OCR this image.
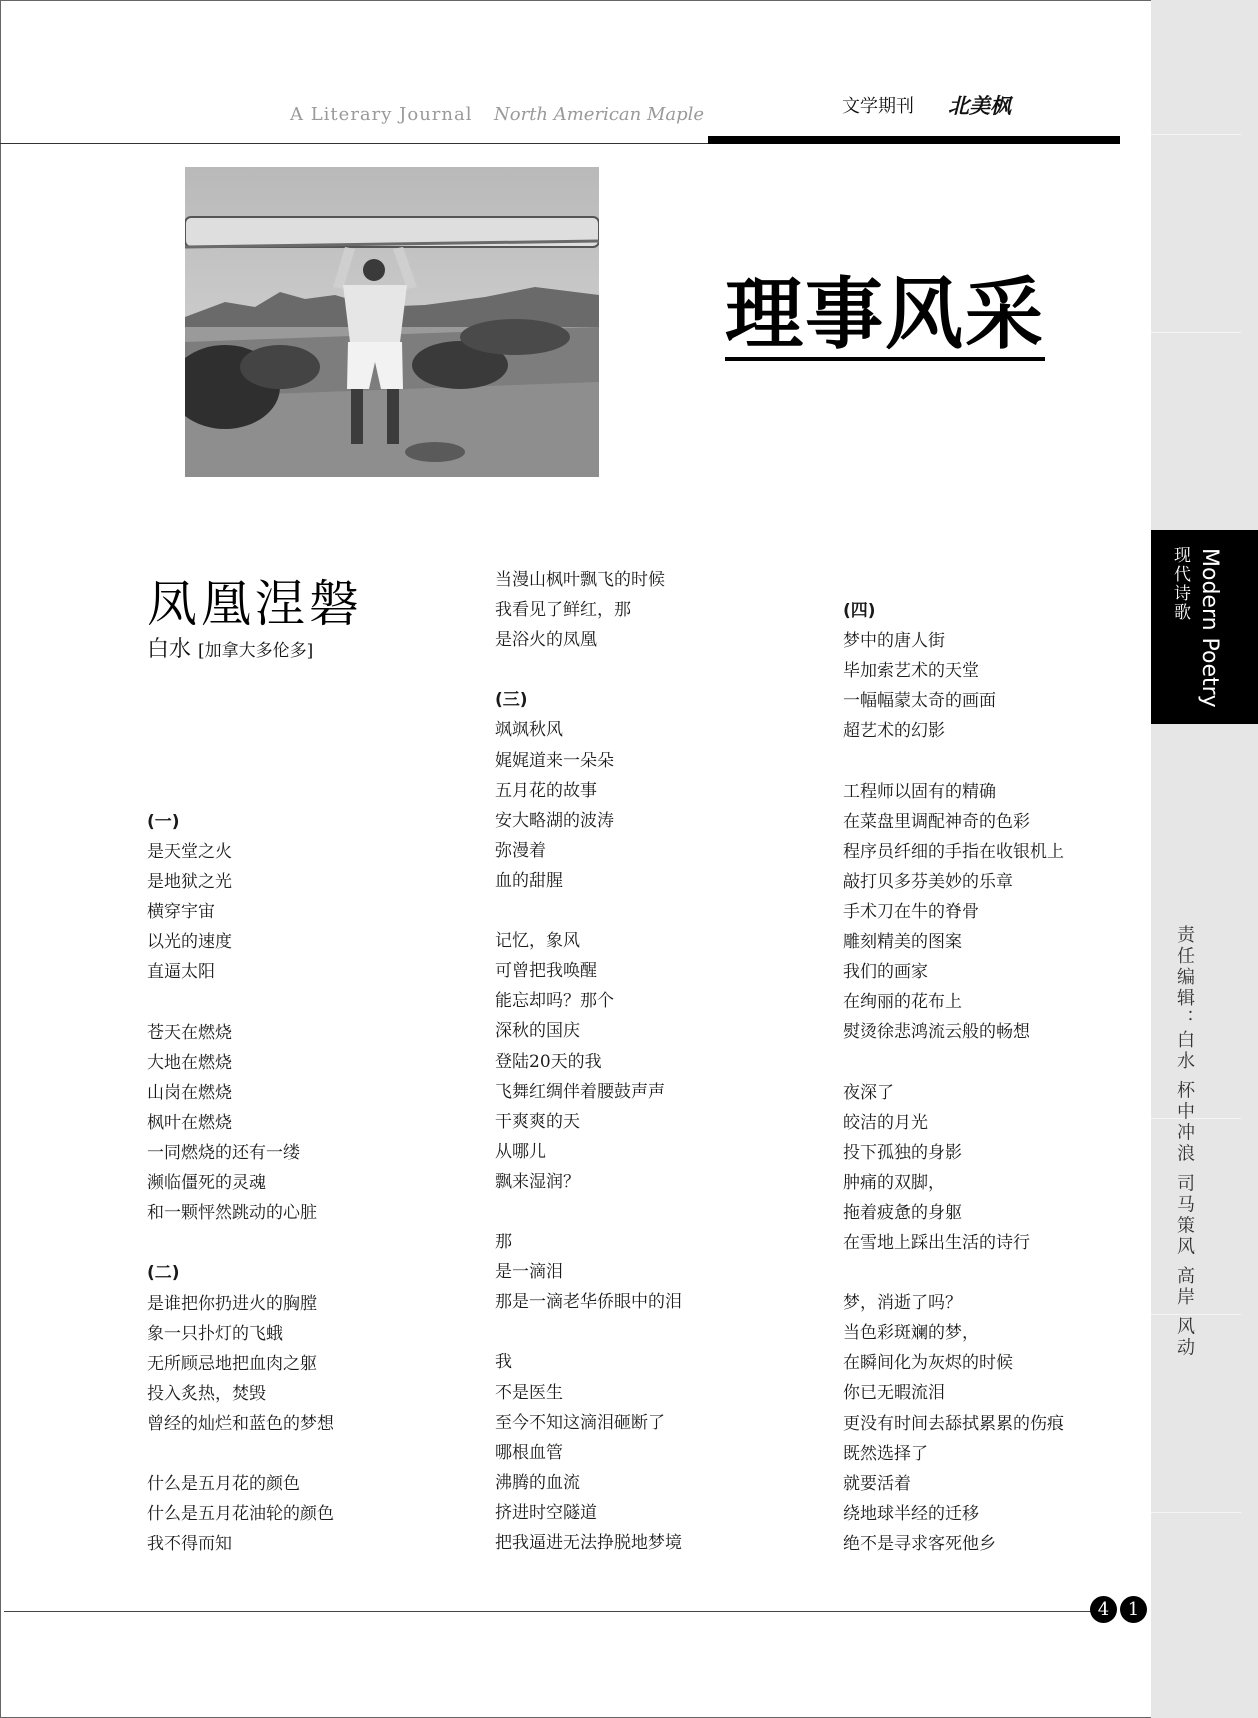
A Literary Journal North American Maple	文学期刊 北美枫
理事风采
凤凰涅磐
白水 [加拿大多伦多]
(一)
是天堂之火
是地狱之光
横穿宇宙
以光的速度
直逼太阳
苍天在燃烧
大地在燃烧
山岗在燃烧
枫叶在燃烧
一同燃烧的还有一缕
濒临僵死的灵魂
和一颗怦然跳动的心脏
(二)
是谁把你扔进火的胸膛
象一只扑灯的飞蛾
无所顾忌地把血肉之躯
投入炙热，焚毁
曾经的灿烂和蓝色的梦想
什么是五月花的颜色
什么是五月花油轮的颜色
我不得而知
当漫山枫叶飘飞的时候
我看见了鲜红，那
是浴火的凤凰
(三)
飒飒秋风
娓娓道来一朵朵
五月花的故事
安大略湖的波涛
弥漫着
血的甜腥
记忆，象风
可曾把我唤醒
能忘却吗？那个
深秋的国庆
登陆20天的我
飞舞红绸伴着腰鼓声声
干爽爽的天
从哪儿
飘来湿润？
那
是一滴泪
那是一滴老华侨眼中的泪
我
不是医生
至今不知这滴泪砸断了
哪根血管
沸腾的血流
挤进时空隧道
把我逼进无法挣脱地梦境
(四)
梦中的唐人街
毕加索艺术的天堂
一幅幅蒙太奇的画面
超艺术的幻影
工程师以固有的精确
在菜盘里调配神奇的色彩
程序员纤细的手指在收银机上
敲打贝多芬美妙的乐章
手术刀在牛的脊骨
雕刻精美的图案
我们的画家
在绚丽的花布上
熨烫徐悲鸿流云般的畅想
夜深了
皎洁的月光
投下孤独的身影
肿痛的双脚，
拖着疲惫的身躯
在雪地上踩出生活的诗行
梦，消逝了吗？
当色彩斑斓的梦，
在瞬间化为灰烬的时候
你已无暇流泪
更没有时间去舔拭累累的伤痕
既然选择了
就要活着
绕地球半经的迁移
绝不是寻求客死他乡
Modern Poetry
现代诗歌
责任编辑：白水 杯中冲浪 司马策风 高岸 风动
4	1
